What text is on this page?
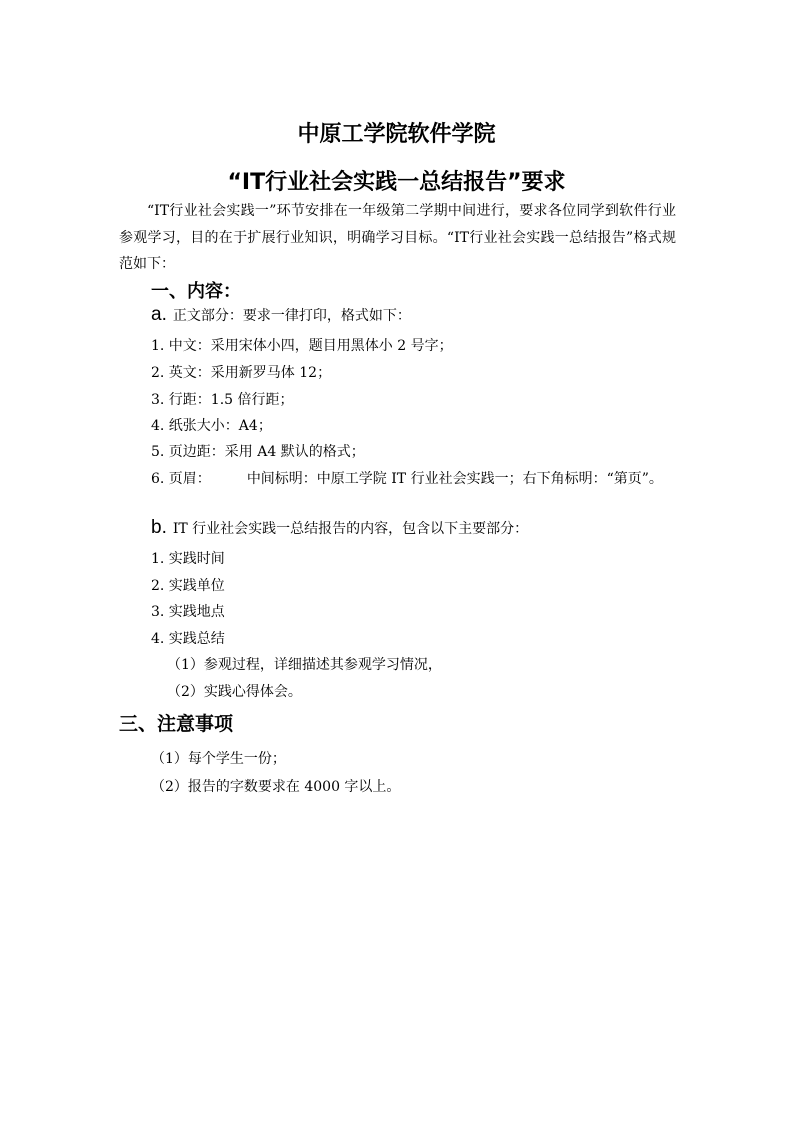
中原工学院软件学院
“IT行业社会实践一总结报告”要求
“IT行业社会实践一”环节安排在一年级第二学期中间进行，要求各位同学到软件行业参观学习，目的在于扩展行业知识，明确学习目标。“IT行业社会实践一总结报告”格式规范如下：
一、内容：
a. 正文部分：要求一律打印，格式如下：
1. 中文：采用宋体小四，题目用黑体小 2 号字；
2. 英文：采用新罗马体 12；
3. 行距：1.5 倍行距；
4. 纸张大小：A4；
5. 页边距：采用 A4 默认的格式；
6. 页眉：	中间标明：中原工学院 IT 行业社会实践一；右下角标明：“第页”。
b. IT 行业社会实践一总结报告的内容，包含以下主要部分：
1. 实践时间
2. 实践单位
3. 实践地点
4. 实践总结
（1）参观过程，详细描述其参观学习情况，
（2）实践心得体会。
三、注意事项
（1）每个学生一份；
（2）报告的字数要求在 4000 字以上。
